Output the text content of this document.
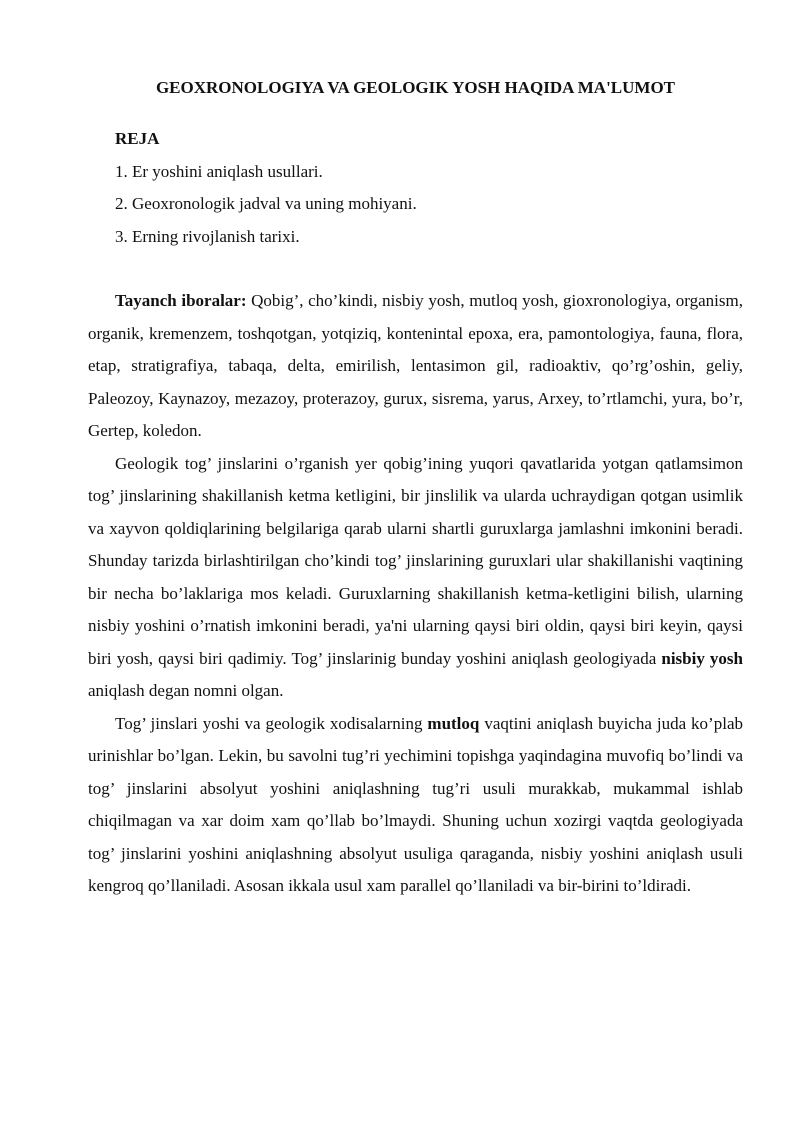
GEOXRONOLOGIYA VA GEOLOGIK YOSH HAQIDA MA'LUMOT
REJA
1. Er yoshini aniqlash usullari.
2. Geoxronologik jadval va uning mohiyani.
3. Erning rivojlanish tarixi.

Tayanch iboralar: Qobig’, cho’kindi, nisbiy yosh, mutloq yosh, gioxronologiya, organism, organik, kremenzem, toshqotgan, yotqiziq, kontenintal epoxa, era, pamontologiya, fauna, flora, etap, stratigrafiya, tabaqa, delta, emirilish, lentasimon gil, radioaktiv, qo’rg’oshin, geliy, Paleozoy, Kaynazoy, mezazoy, proterazoy, gurux, sisrema, yarus, Arxey, to’rtlamchi, yura, bo’r, Gertep, koledon.

Geologik tog’ jinslarini o’rganish yer qobig’ining yuqori qavatlarida yotgan qatlamsimon tog’ jinslarining shakillanish ketma ketligini, bir jinslilik va ularda uchraydigan qotgan usimlik va xayvon qoldiqlarining belgilariga qarab ularni shartli guruxlarga jamlashni imkonini beradi. Shunday tarizda birlashtirilgan cho’kindi tog’ jinslarining guruxlari ular shakillanishi vaqtining bir necha bo’laklariga mos keladi. Guruxlarning shakillanish ketma-ketligini bilish, ularning nisbiy yoshini o’rnatish imkonini beradi, ya'ni ularning qaysi biri oldin, qaysi biri keyin, qaysi biri yosh, qaysi biri qadimiy. Tog’ jinslarinig bunday yoshini aniqlash geologiyada nisbiy yosh aniqlash degan nomni olgan.

Tog’ jinslari yoshi va geologik xodisalarning mutloq vaqtini aniqlash buyicha juda ko’plab urinishlar bo’lgan. Lekin, bu savolni tug’ri yechimini topishga yaqindagina muvofiq bo’lindi va tog’ jinslarini absolyut yoshini aniqlashning tug’ri usuli murakkab, mukammal ishlab chiqilmagan va xar doim xam qo’llab bo’lmaydi. Shuning uchun xozirgi vaqtda geologiyada tog’ jinslarini yoshini aniqlashning absolyut usuliga qaraganda, nisbiy yoshini aniqlash usuli kengroq qo’llaniladi. Asosan ikkala usul xam parallel qo’llaniladi va bir-birini to’ldiradi.
